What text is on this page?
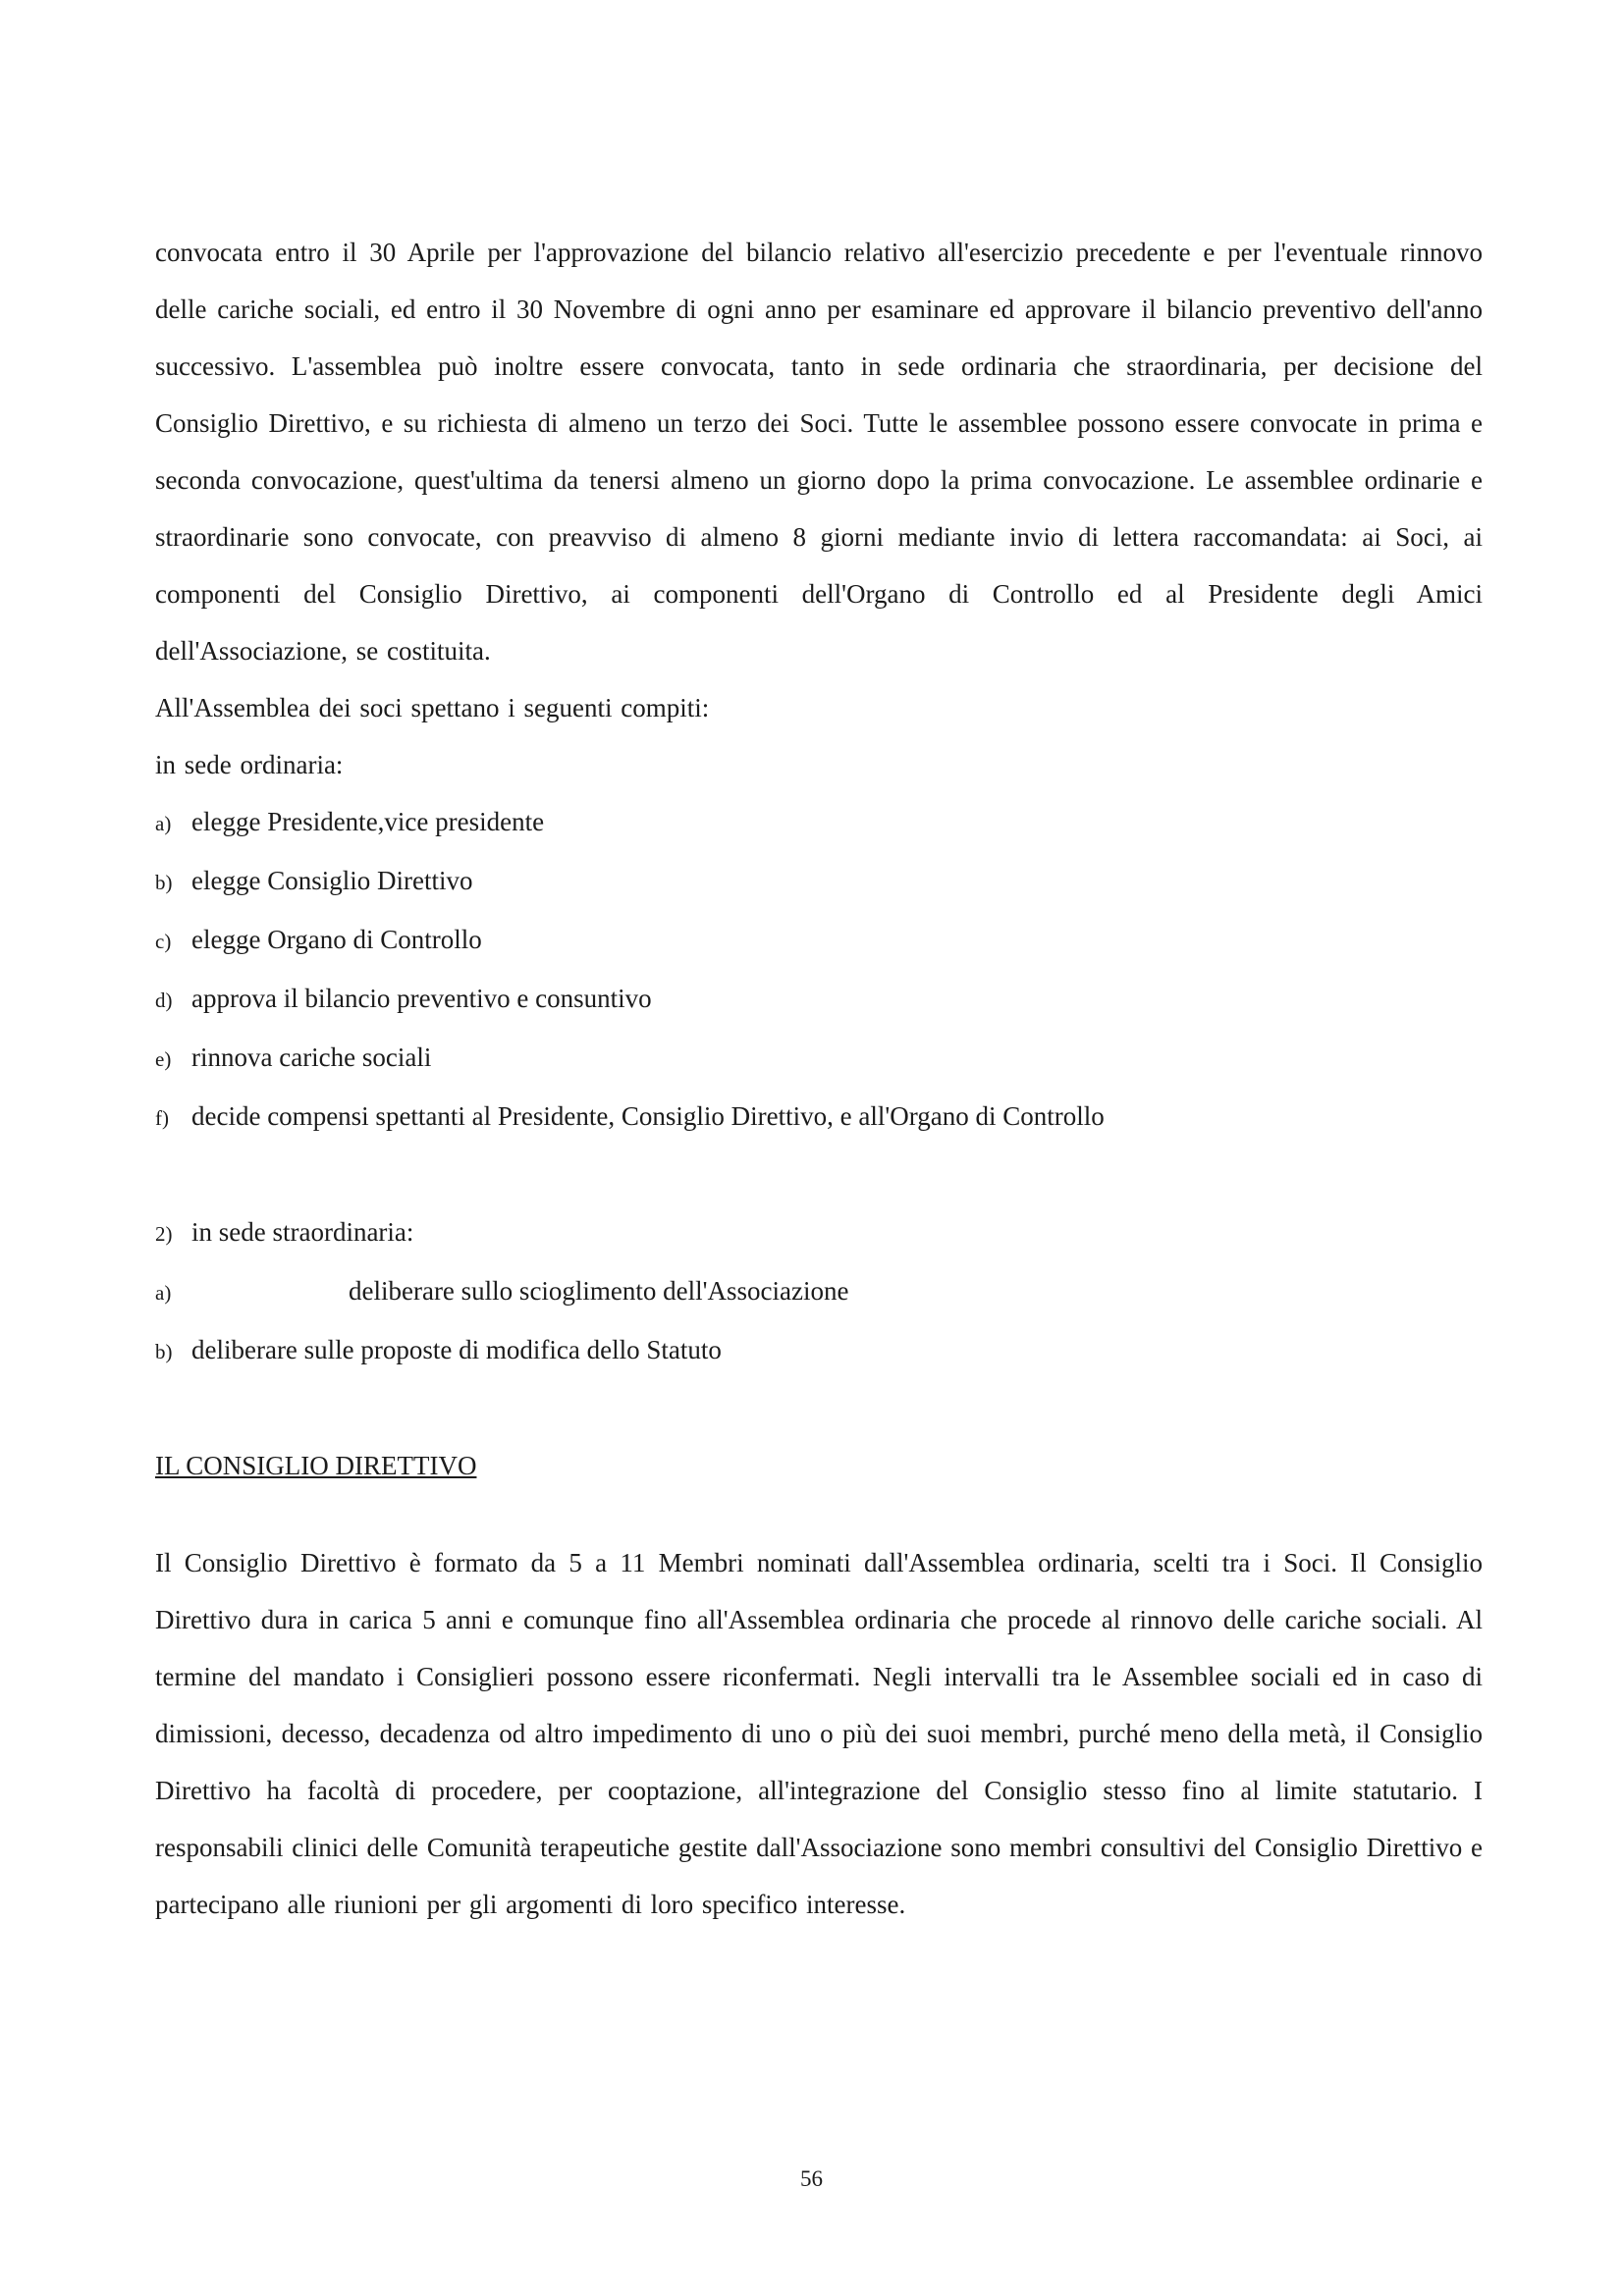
convocata entro il 30 Aprile per l'approvazione del bilancio relativo all'esercizio precedente e per l'eventuale rinnovo delle cariche sociali, ed entro il 30 Novembre di ogni anno per esaminare ed approvare il bilancio preventivo dell'anno successivo. L'assemblea può inoltre essere convocata, tanto in sede ordinaria che straordinaria, per decisione del Consiglio Direttivo, e su richiesta di almeno un terzo dei Soci. Tutte le assemblee possono essere convocate in prima e seconda convocazione, quest'ultima da tenersi almeno un giorno dopo la prima convocazione. Le assemblee ordinarie e straordinarie sono convocate, con preavviso di almeno 8 giorni mediante invio di lettera raccomandata: ai Soci, ai componenti del Consiglio Direttivo, ai componenti dell'Organo di Controllo ed al Presidente degli Amici dell'Associazione, se costituita.

All'Assemblea dei soci spettano i seguenti compiti:

in sede ordinaria:

a) elegge Presidente,vice presidente
b) elegge Consiglio Direttivo
c) elegge Organo di Controllo
d) approva il bilancio preventivo e consuntivo
e) rinnova cariche sociali
f) decide compensi spettanti al Presidente, Consiglio Direttivo, e all'Organo di Controllo
2) in sede straordinaria:
a)	deliberare sullo scioglimento dell'Associazione
b) deliberare sulle proposte di modifica dello Statuto

IL CONSIGLIO DIRETTIVO

Il Consiglio Direttivo è formato da 5 a 11 Membri nominati dall'Assemblea ordinaria, scelti tra i Soci. Il Consiglio Direttivo dura in carica 5 anni e comunque fino all'Assemblea ordinaria che procede al rinnovo delle cariche sociali. Al termine del mandato i Consiglieri possono essere riconfermati. Negli intervalli tra le Assemblee sociali ed in caso di dimissioni, decesso, decadenza od altro impedimento di uno o più dei suoi membri, purché meno della metà, il Consiglio Direttivo ha facoltà di procedere, per cooptazione, all'integrazione del Consiglio stesso fino al limite statutario. I responsabili clinici delle Comunità terapeutiche gestite dall'Associazione sono membri consultivi del Consiglio Direttivo e partecipano alle riunioni per gli argomenti di loro specifico interesse.

56
